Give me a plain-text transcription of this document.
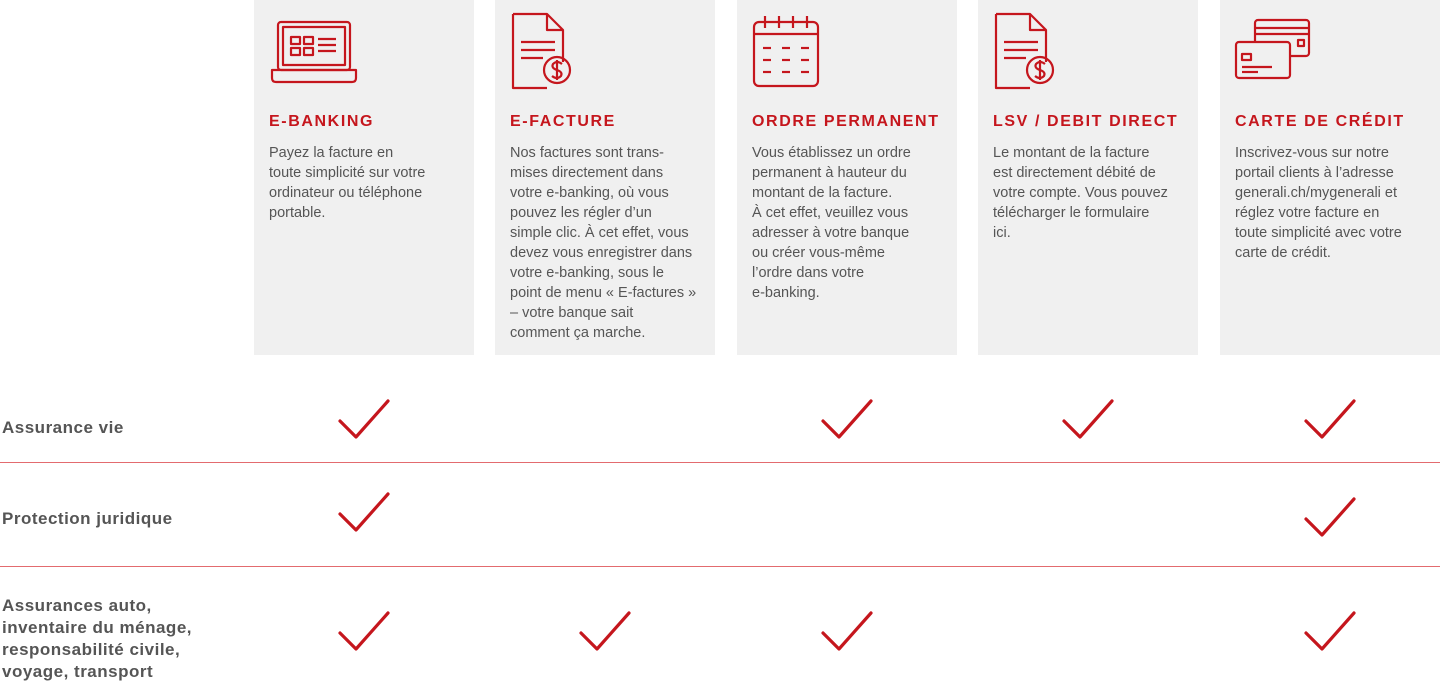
E-BANKING
Payez la facture en
toute simplicité sur votre
ordinateur ou téléphone
portable.
E-FACTURE
Nos factures sont trans-
mises directement dans
votre e-banking, où vous
pouvez les régler d’un
simple clic. À cet effet, vous
devez vous enregistrer dans
votre e-banking, sous le
point de menu « E-factures »
– votre banque sait
comment ça marche.
ORDRE PERMANENT
Vous établissez un ordre
permanent à hauteur du
montant de la facture.
À cet effet, veuillez vous
adresser à votre banque
ou créer vous-même
l’ordre dans votre
e-banking.
LSV / DEBIT DIRECT
Le montant de la facture
est directement débité de
votre compte. Vous pouvez
télécharger le formulaire
ici.
CARTE DE CRÉDIT
Inscrivez-vous sur notre
portail clients à l’adresse
generali.ch/mygenerali et
réglez votre facture en
toute simplicité avec votre
carte de crédit.
Assurance vie
Protection juridique
Assurances auto,
inventaire du ménage,
responsabilité civile,
voyage, transport
